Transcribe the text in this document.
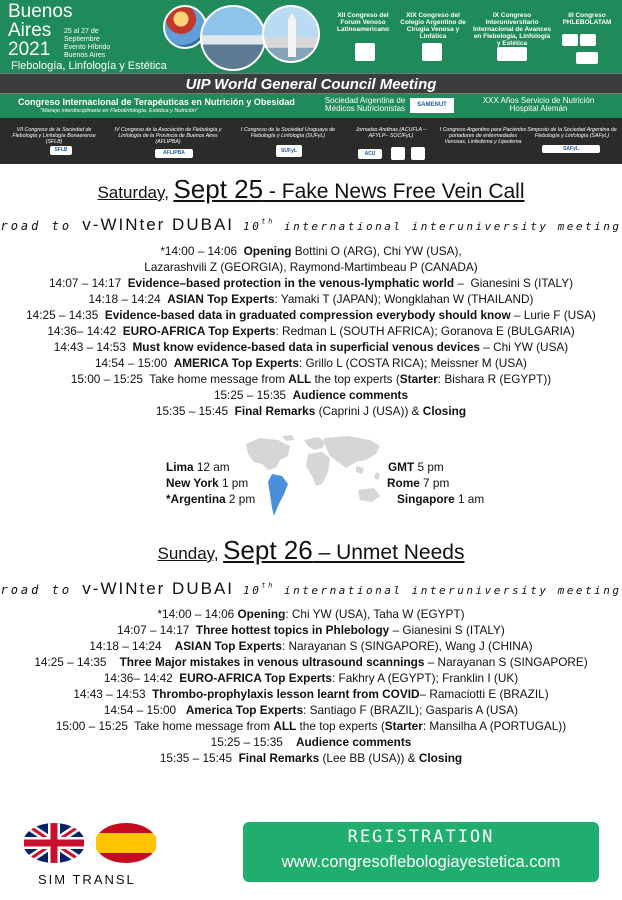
Buenos
Aires
2021
25 al 27 de Septiembre Evento Híbrido Buenos Aires
Flebología, Linfología y Estética
XII Congreso del Forum Venoso Latinoamericano
XIX Congreso del Colegio Argentino de Cirugía Venosa y Linfática
IX Congreso Interuniversitario Internacional de Avances en Flebología, Linfología y Estética
III Congreso PHLEBOLATAM
UIP World General Council Meeting
Congreso Internacional de Terapéuticas en Nutrición y Obesidad
"Manejo interdisciplinario en Flebolinfología, Estética y Nutrición"
Sociedad Argentina de Médicos Nutricionistas	SAMENUT	XXX Años Servicio de Nutrición Hospital Alemán
VII Congreso de la Sociedad de Flebología y Linfología Bonaerense (SFLB)
SFLB
IV Congreso de la Asociación de Flebología y Linfología de la Provincia de Buenos Aires (AFLIPBA)
AFLIPBA
I Congreso de la Sociedad Uruguaya de Flebología y Linfología (SUFyL)
SUFyL
Jornadas Andinas (ACUFLA – AFYLP– SOCIFyL)
ACU
I Congreso Argentino para Pacientes portadores de enfermedades Venosas, Linfedema y Lipedema
Simposio de la Sociedad Argentina de Flebología y Linfología (SAFyL)
SAFyL
Saturday, Sept 25 - Fake News Free Vein Call
road to v-WINter DUBAI 10th international interuniversity meeting
*14:00 – 14:06  Opening Bottini O (ARG), Chi YW (USA),
Lazarashvili Z (GEORGIA), Raymond-Martimbeau P (CANADA)
14:07 – 14:17  Evidence–based protection in the venous-lymphatic world –  Gianesini S (ITALY)
14:18 – 14:24  ASIAN Top Experts: Yamaki T (JAPAN); Wongklahan W (THAILAND)
14:25 – 14:35  Evidence-based data in graduated compression everybody should know – Lurie F (USA)
14:36– 14:42  EURO-AFRICA Top Experts: Redman L (SOUTH AFRICA); Goranova E (BULGARIA)
14:43 – 14:53  Must know evidence-based data in superficial venous devices – Chi YW (USA)
14:54 – 15:00  AMERICA Top Experts: Grillo L (COSTA RICA); Meissner M (USA)
15:00 – 15:25  Take home message from ALL the top experts (Starter: Bishara R (EGYPT))
15:25 – 15:35  Audience comments
15:35 – 15:45  Final Remarks (Caprini J (USA)) & Closing
Lima 12 am
New York 1 pm
*Argentina 2 pm
GMT 5 pm
Rome 7 pm
Singapore 1 am
Sunday, Sept 26 – Unmet Needs
road to v-WINter DUBAI 10th international interuniversity meeting
*14:00 – 14:06 Opening: Chi YW (USA), Taha W (EGYPT)
14:07 – 14:17  Three hottest topics in Phlebology – Gianesini S (ITALY)
14:18 – 14:24    ASIAN Top Experts: Narayanan S (SINGAPORE), Wang J (CHINA)
14:25 – 14:35    Three Major mistakes in venous ultrasound scannings – Narayanan S (SINGAPORE)
14:36– 14:42  EURO-AFRICA Top Experts: Fakhry A (EGYPT); Franklin I (UK)
14:43 – 14:53  Thrombo-prophylaxis lesson learnt from COVID– Ramaciotti E (BRAZIL)
14:54 – 15:00   America Top Experts: Santiago F (BRAZIL); Gasparis A (USA)
15:00 – 15:25  Take home message from ALL the top experts (Starter: Mansilha A (PORTUGAL))
15:25 – 15:35    Audience comments
15:35 – 15:45  Final Remarks (Lee BB (USA)) & Closing
SIM TRANSL
REGISTRATION
www.congresoflebologiayestetica.com
